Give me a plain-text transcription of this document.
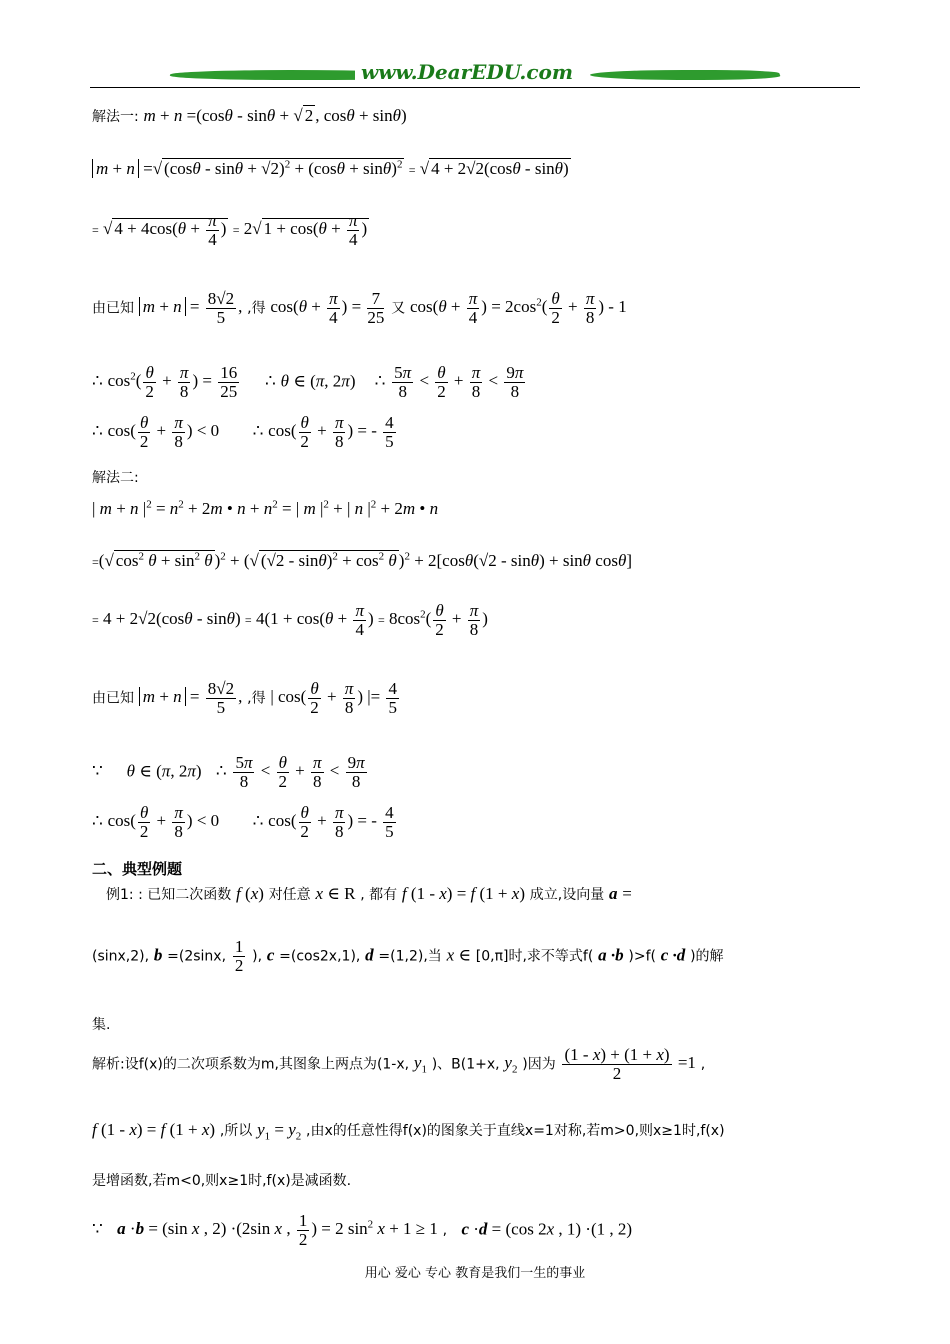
www.DearEDU.com
解法一: m + n =(cosθ - sinθ + √ 2 , cosθ + sinθ)
m + n =√ $(\cos\theta - \sin\theta + √2)^2 + (\cos\theta + \sin\theta)^2$ = √ 4 + 2√2(cosθ - sinθ)
= √ $4 + 4\cos(\theta + \frac{\pi}{4}$ ) = 2√ $1 + \cos(\theta + \frac{\pi}{4}$ )
由已知 $m + n = \frac{8√2}{5}$ , ,得 $\cos(\theta + \frac{\pi}{4}$ ) = $\frac{7}{25}$ 又 $\cos(\theta + \frac{\pi}{4}$ ) = $2\cos^2( \frac{\theta}{2} + \frac{\pi}{8}$ ) - 1
∴ $\cos^2( \frac{\theta}{2} + \frac{\pi}{8}$ ) = $\frac{16}{25}$ ∴ θ ∈ (π, 2π) ∴ $\frac{5\pi}{8} < \frac{\theta}{2} + \frac{\pi}{8} < \frac{9\pi}{8}$
∴ $\cos( \frac{\theta}{2} + \frac{\pi}{8}$ ) < 0 ∴ $\cos( \frac{\theta}{2} + \frac{\pi}{8}$ ) = - $\frac{4}{5}$
解法二:
| m + n $|^2 = n^2 + 2m$ • $n + n^2$ = | m $|^2$ + | n $|^2 + 2m$ • n
=(√ $\cos^2 \theta + \sin^2 \theta$ )$^2$ + (√ $(√2 - \sin\theta)^2 + \cos^2 \theta$ )$^2$ + 2[cosθ(√2 - sinθ) + sinθ cosθ]
= $4 + 2√2(\cos\theta - \sin\theta) = 4(1 + \cos(\theta + \frac{\pi}{4}$ ) = $8\cos^2( \frac{\theta}{2} + \frac{\pi}{8}$ )
由已知 $m + n = \frac{8√2}{5}$ , ,得 | $\cos( \frac{\theta}{2} + \frac{\pi}{8}$ ) |= $\frac{4}{5}$
∵ θ ∈ (π, 2π) ∴ $\frac{5\pi}{8} < \frac{\theta}{2} + \frac{\pi}{8} < \frac{9\pi}{8}$
∴ $\cos( \frac{\theta}{2} + \frac{\pi}{8}$ ) < 0 ∴ $\cos( \frac{\theta}{2} + \frac{\pi}{8}$ ) = - $\frac{4}{5}$
二、典型例题
例1: : 已知二次函数 f (x) 对任意 x ∈ R , 都有 f (1 - x) = f (1 + x) 成立,设向量 a =
(sinx,2), b =(2sinx, $\frac{1}{2}$ ), c =(cos2x,1), d =(1,2),当 x ∈ [0,π]时,求不等式f( a ·b )>f( c ·d )的解
集.
解析:设f(x)的二次项系数为m,其图象上两点为(1-x, $y_1$ )、B(1+x, $y_2$ )因为 $\frac{(1 - x) + (1 + x)}{2} =1$ ,
f (1 - x) = f (1 + x) ,所以 $y_1 = y_2$ ,由x的任意性得f(x)的图象关于直线x=1对称,若m>0,则x≥1时,f(x)
是增函数,若m<0,则x≥1时,f(x)是减函数.
∵ a ·b = (sin x , 2) ·(2sin x , $\frac{1}{2}$ ) = 2 $\sin^2 x + 1 \ge 1$ , c ·d = (cos 2x , 1) ·(1 , 2)
用心 爱心 专心 教育是我们一生的事业
